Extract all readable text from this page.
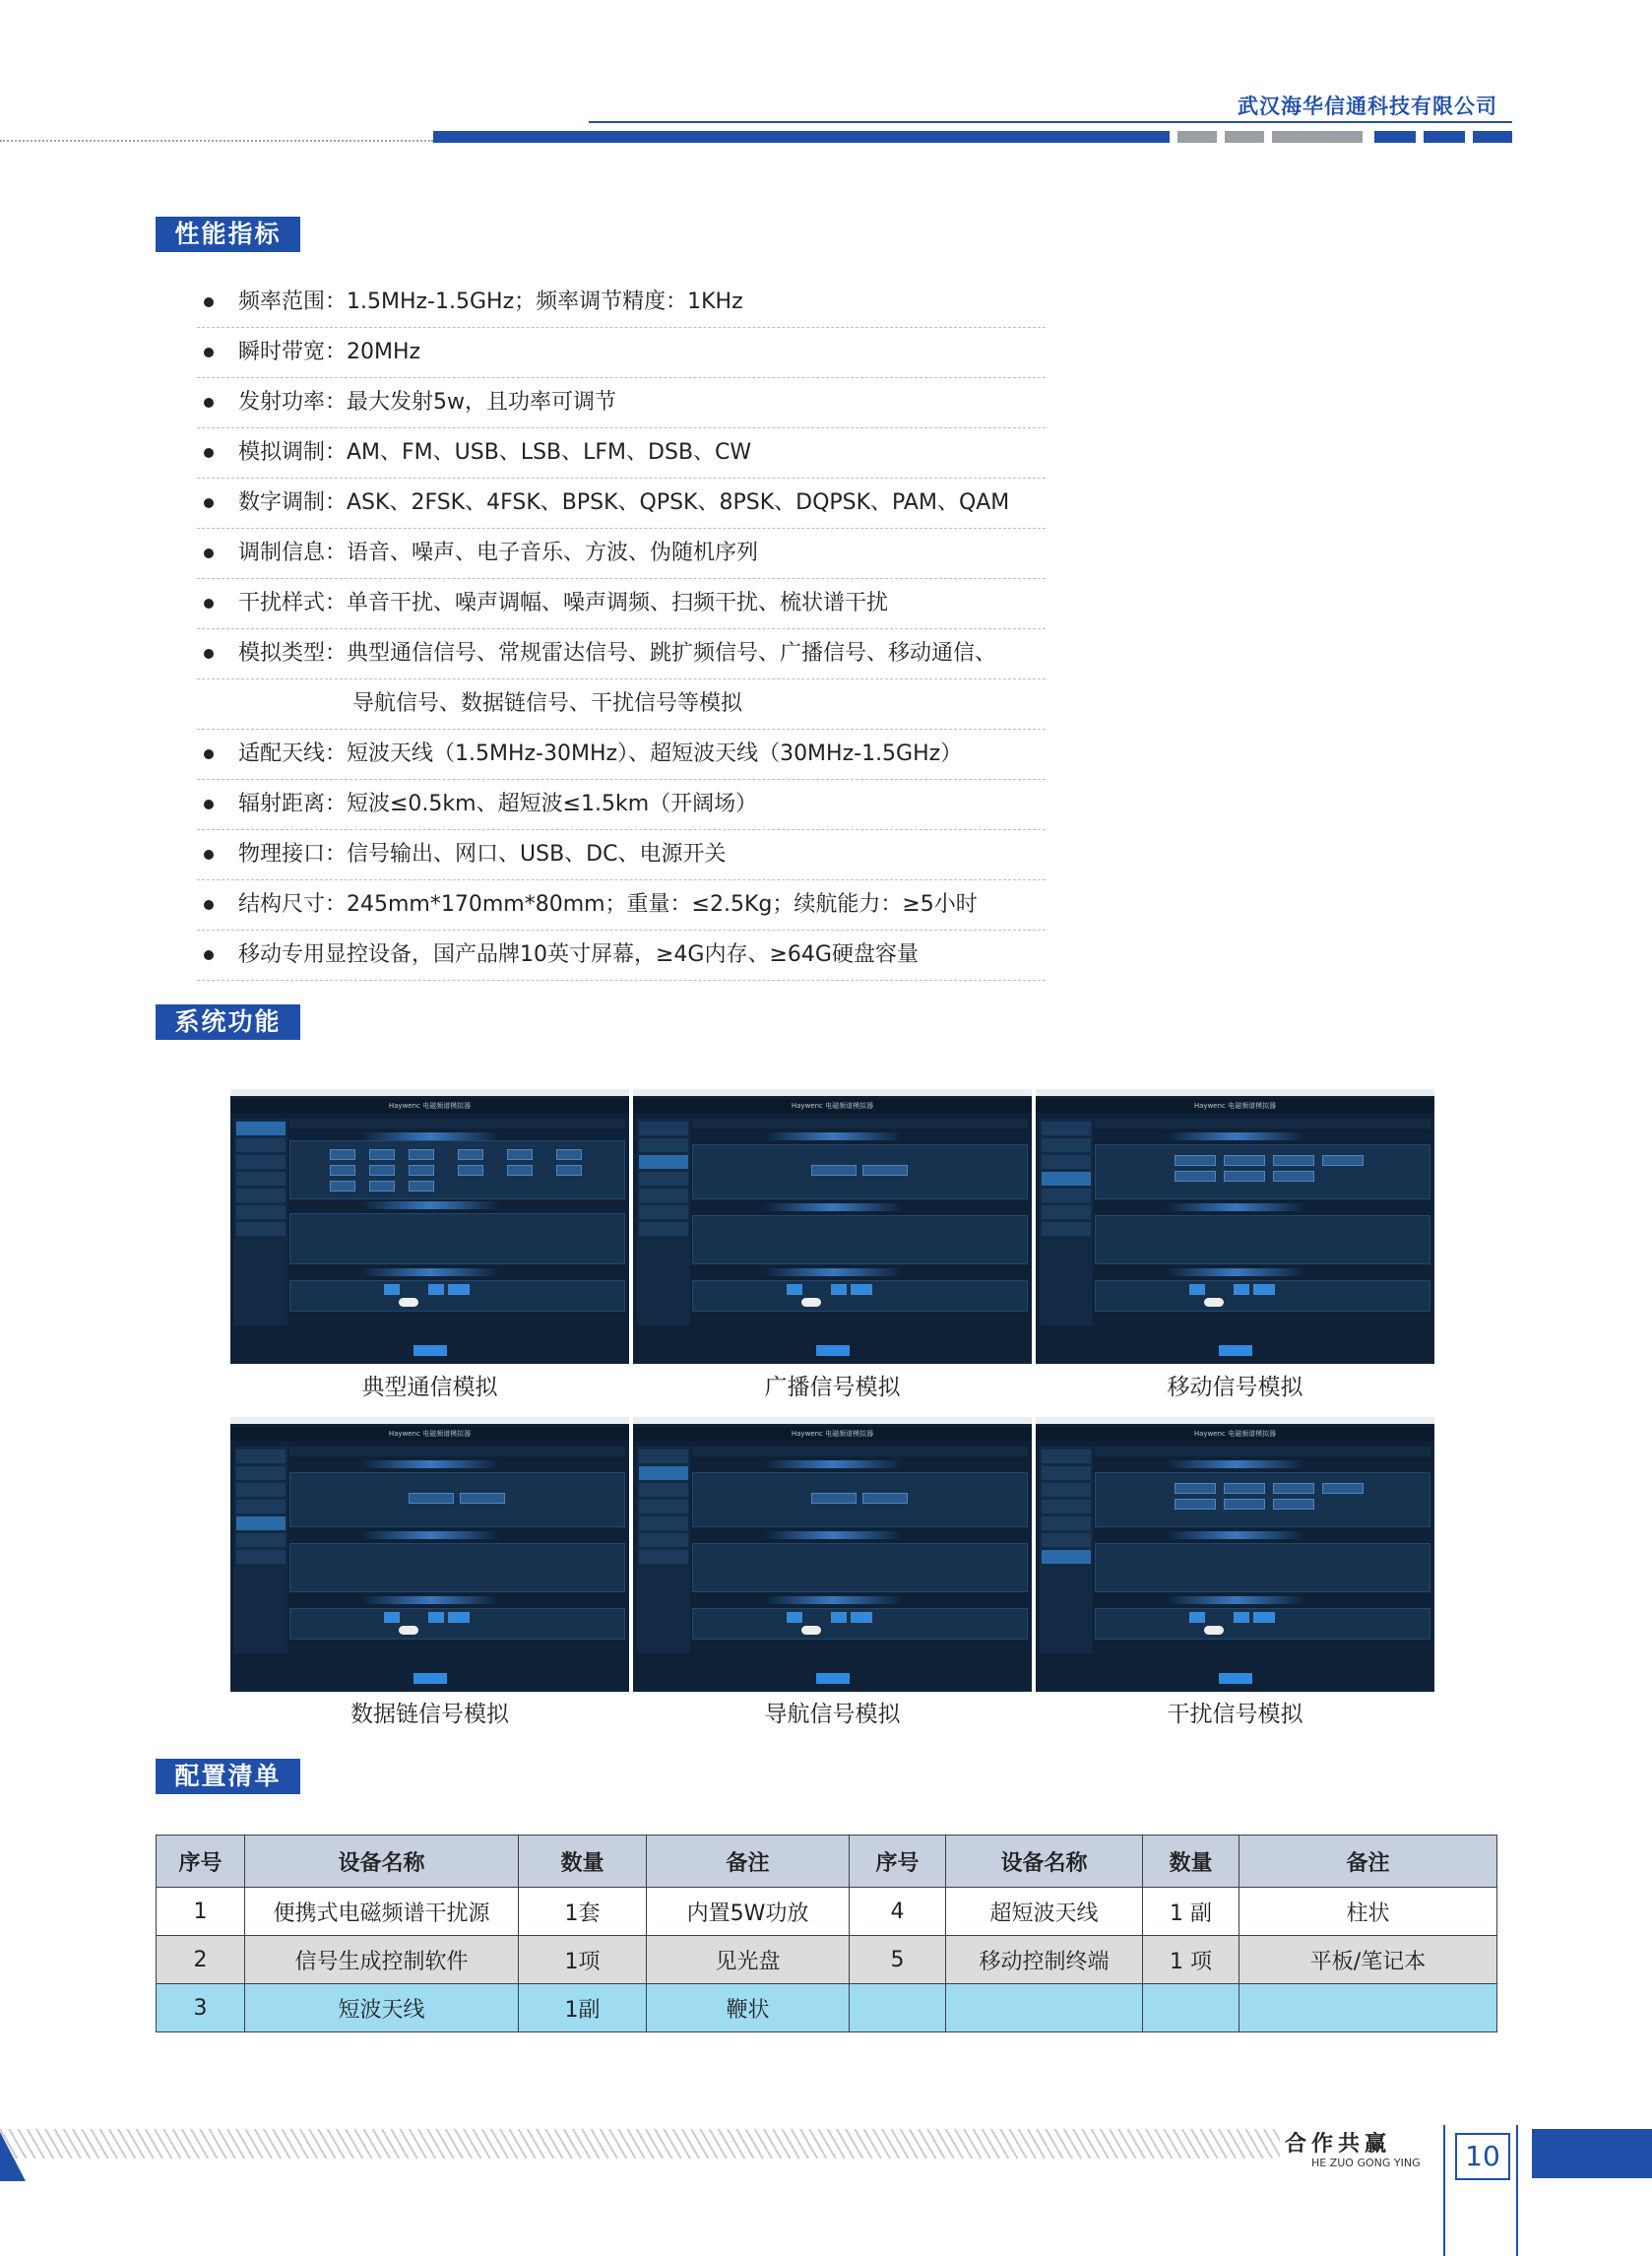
武汉海华信通科技有限公司
性能指标
频率范围：1.5MHz-1.5GHz；频率调节精度：1KHz
瞬时带宽：20MHz
发射功率：最大发射5w，且功率可调节
模拟调制：AM、FM、USB、LSB、LFM、DSB、CW
数字调制：ASK、2FSK、4FSK、BPSK、QPSK、8PSK、DQPSK、PAM、QAM
调制信息：语音、噪声、电子音乐、方波、伪随机序列
干扰样式：单音干扰、噪声调幅、噪声调频、扫频干扰、梳状谱干扰
模拟类型：典型通信信号、常规雷达信号、跳扩频信号、广播信号、移动通信、
导航信号、数据链信号、干扰信号等模拟
适配天线：短波天线（1.5MHz-30MHz）、超短波天线（30MHz-1.5GHz）
辐射距离：短波≤0.5km、超短波≤1.5km（开阔场）
物理接口：信号输出、网口、USB、DC、电源开关
结构尺寸：245mm*170mm*80mm；重量：≤2.5Kg；续航能力：≥5小时
移动专用显控设备，国产品牌10英寸屏幕，≥4G内存、≥64G硬盘容量
系统功能
Haywenc 电磁频谱模拟器
典型通信模拟
Haywenc 电磁频谱模拟器
广播信号模拟
Haywenc 电磁频谱模拟器
移动信号模拟
Haywenc 电磁频谱模拟器
数据链信号模拟
Haywenc 电磁频谱模拟器
导航信号模拟
Haywenc 电磁频谱模拟器
干扰信号模拟
配置清单
序号	设备名称	数量	备注	序号	设备名称	数量	备注
1	便携式电磁频谱干扰源	1套	内置5W功放	4	超短波天线	1 副	柱状
2	信号生成控制软件	1项	见光盘	5	移动控制终端	1 项	平板/笔记本
3	短波天线	1副	鞭状				
合作共赢
HE ZUO GONG YING	10
